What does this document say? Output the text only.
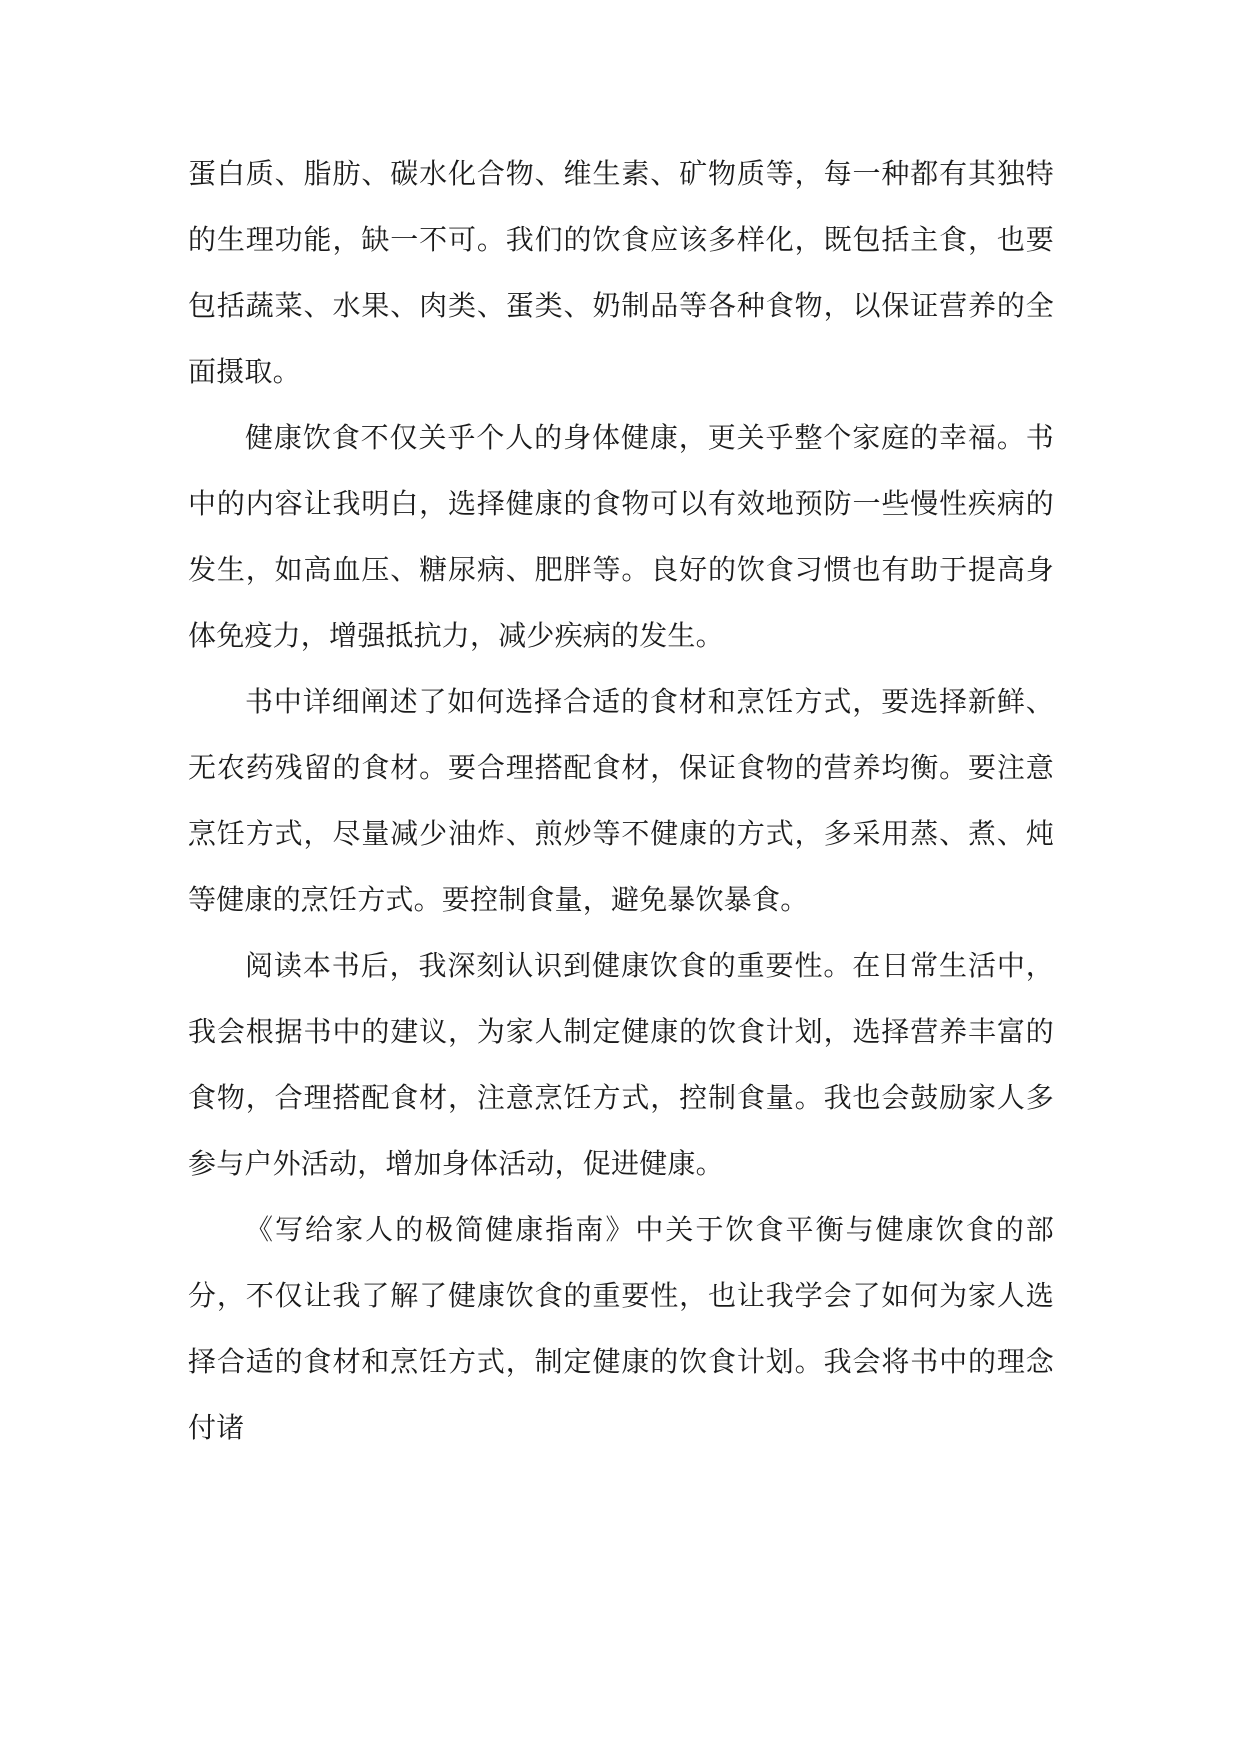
蛋白质、脂肪、碳水化合物、维生素、矿物质等，每一种都有其独特的生理功能，缺一不可。我们的饮食应该多样化，既包括主食，也要包括蔬菜、水果、肉类、蛋类、奶制品等各种食物，以保证营养的全面摄取。

健康饮食不仅关乎个人的身体健康，更关乎整个家庭的幸福。书中的内容让我明白，选择健康的食物可以有效地预防一些慢性疾病的发生，如高血压、糖尿病、肥胖等。良好的饮食习惯也有助于提高身体免疫力，增强抵抗力，减少疾病的发生。

书中详细阐述了如何选择合适的食材和烹饪方式，要选择新鲜、无农药残留的食材。要合理搭配食材，保证食物的营养均衡。要注意烹饪方式，尽量减少油炸、煎炒等不健康的方式，多采用蒸、煮、炖等健康的烹饪方式。要控制食量，避免暴饮暴食。

阅读本书后，我深刻认识到健康饮食的重要性。在日常生活中，我会根据书中的建议，为家人制定健康的饮食计划，选择营养丰富的食物，合理搭配食材，注意烹饪方式，控制食量。我也会鼓励家人多参与户外活动，增加身体活动，促进健康。

《写给家人的极简健康指南》中关于饮食平衡与健康饮食的部分，不仅让我了解了健康饮食的重要性，也让我学会了如何为家人选择合适的食材和烹饪方式，制定健康的饮食计划。我会将书中的理念付诸
